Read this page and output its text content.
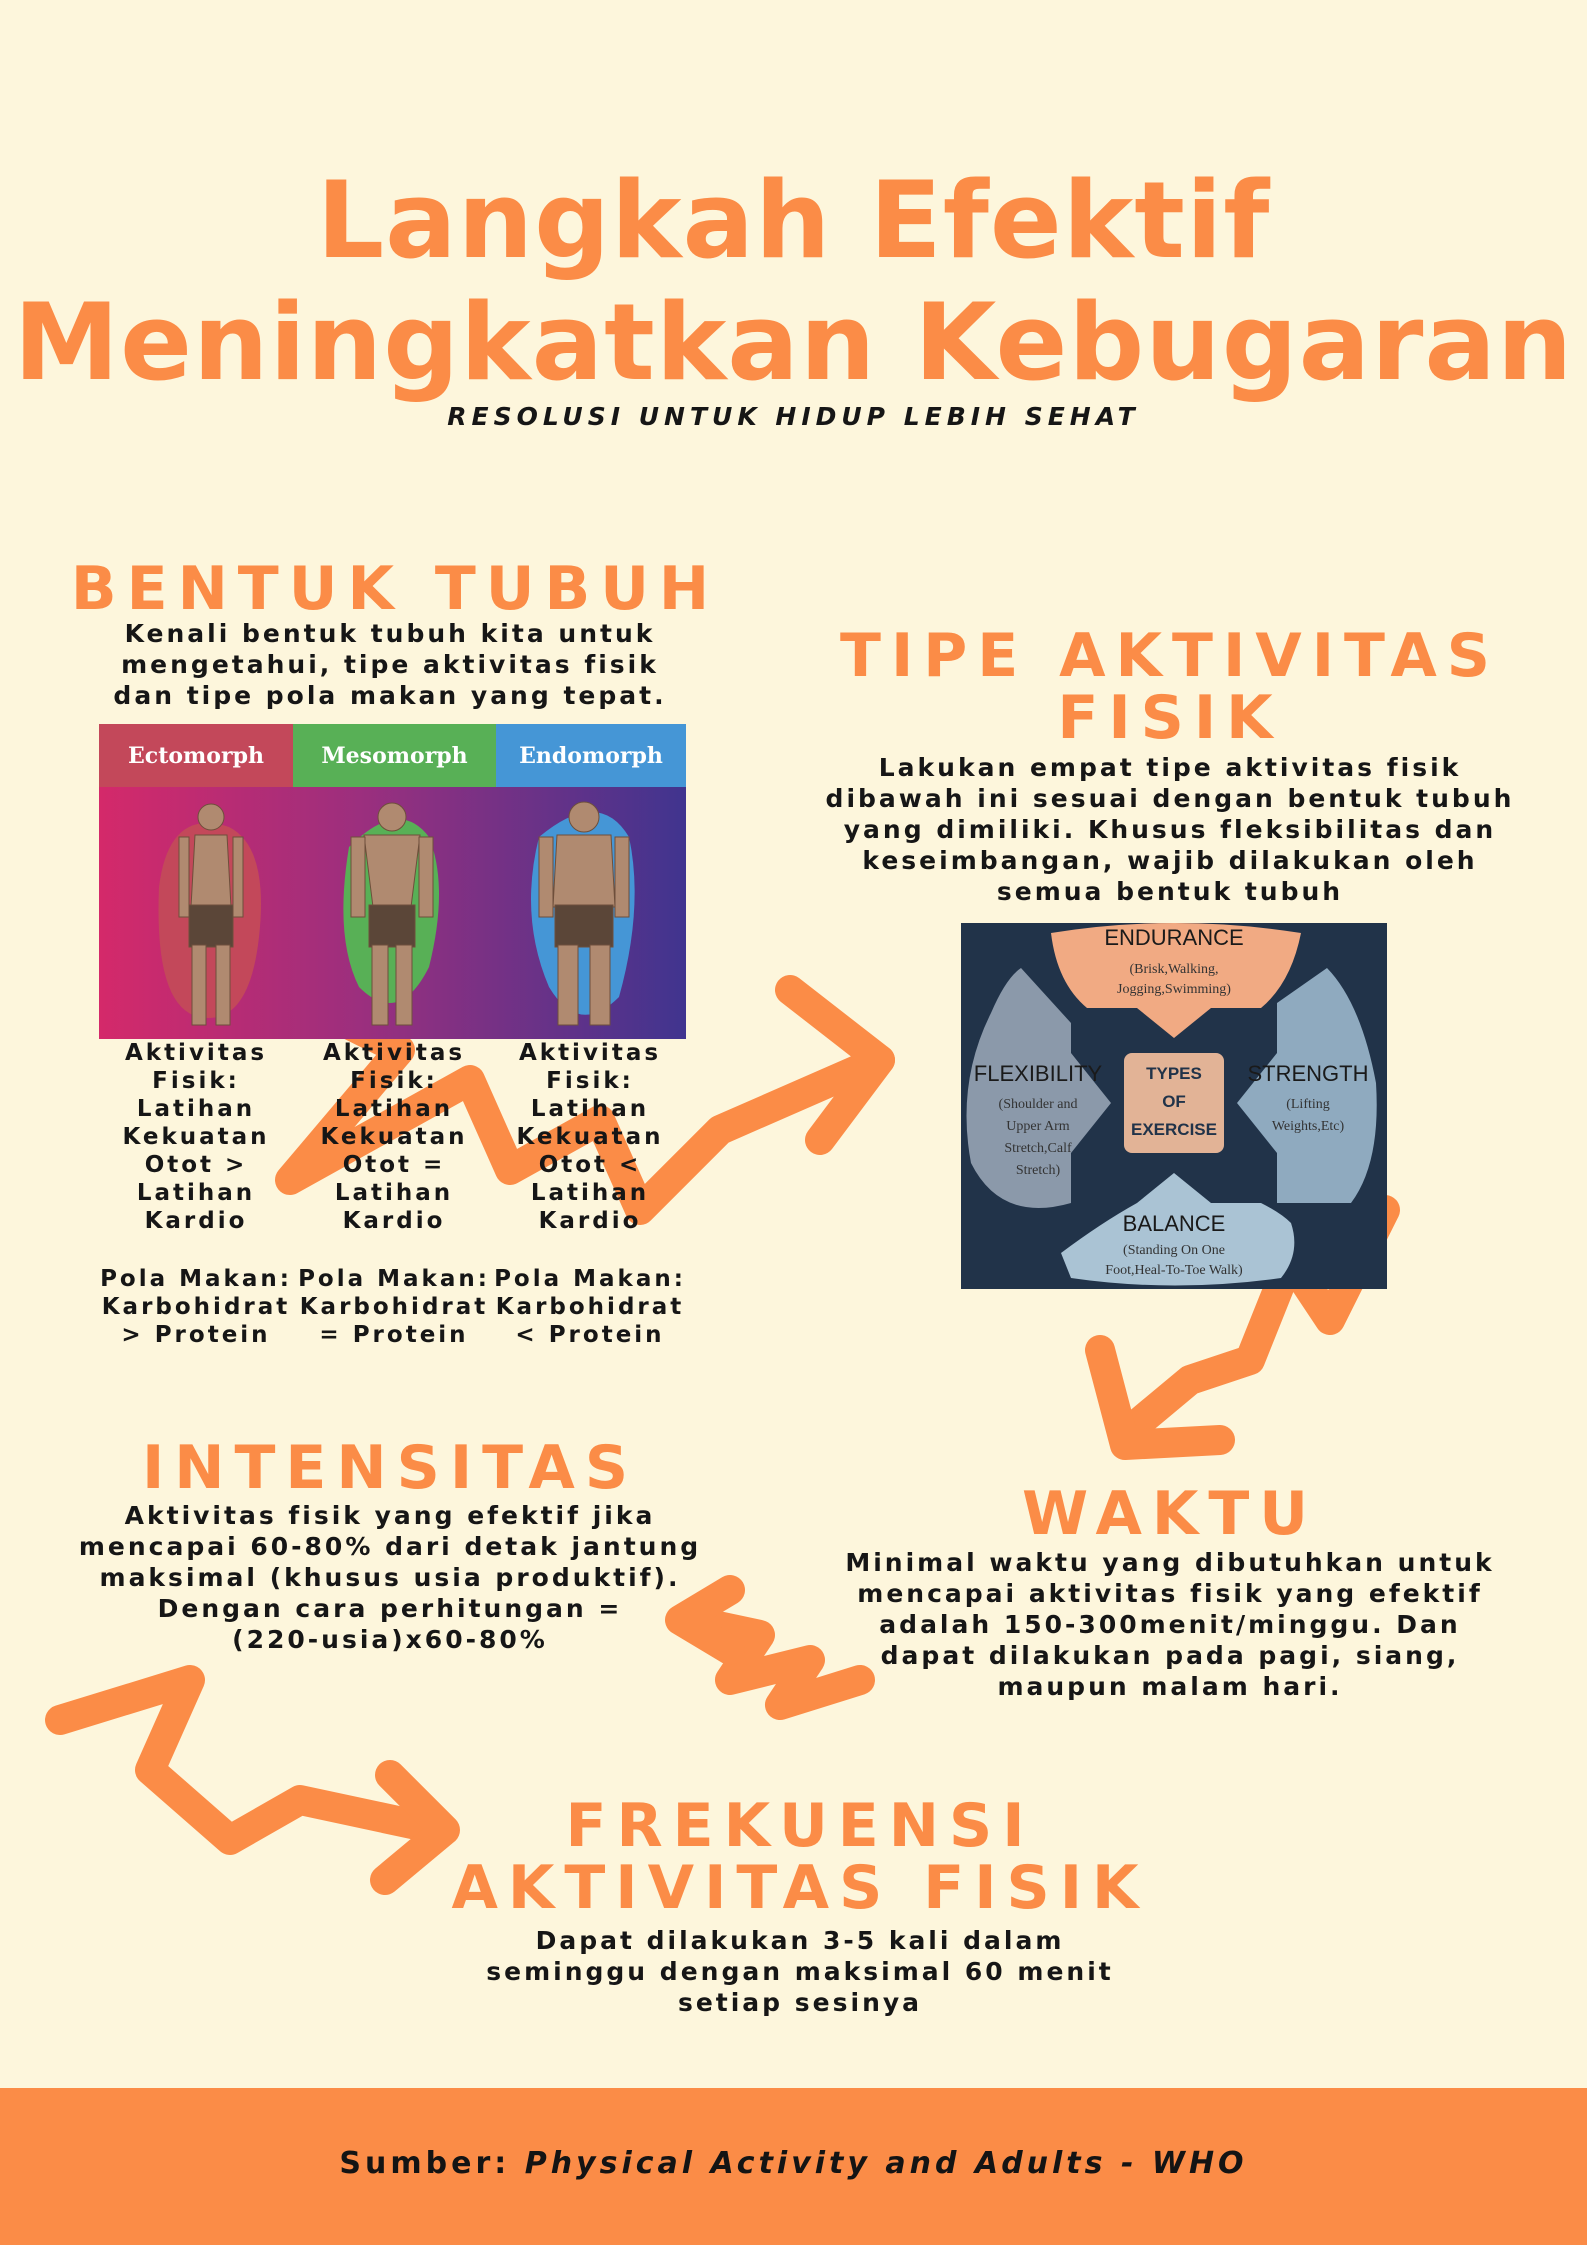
Langkah Efektif
Meningkatkan Kebugaran
RESOLUSI UNTUK HIDUP LEBIH SEHAT
BENTUK TUBUH
Kenali bentuk tubuh kita untuk mengetahui, tipe aktivitas fisik dan tipe pola makan yang tepat.
Ectomorph	Mesomorph	Endomorph
Aktivitas
Fisik:
Latihan
Kekuatan
Otot >
Latihan
Kardio
Pola Makan:
Karbohidrat
> Protein
Aktivitas
Fisik:
Latihan
Kekuatan
Otot =
Latihan
Kardio
Pola Makan:
Karbohidrat
= Protein
Aktivitas
Fisik:
Latihan
Kekuatan
Otot <
Latihan
Kardio
Pola Makan:
Karbohidrat
< Protein
TIPE AKTIVITAS
FISIK
Lakukan empat tipe aktivitas fisik
dibawah ini sesuai dengan bentuk tubuh
yang dimiliki. Khusus fleksibilitas dan
keseimbangan, wajib dilakukan oleh
semua bentuk tubuh
TYPES
OF
EXERCISE
ENDURANCE
(Brisk,Walking,
Jogging,Swimming)
FLEXIBILITY
(Shoulder and
Upper Arm
Stretch,Calf
Stretch)
STRENGTH
(Lifting
Weights,Etc)
BALANCE
(Standing On One
Foot,Heal-To-Toe Walk)
INTENSITAS
Aktivitas fisik yang efektif jika
mencapai 60-80% dari detak jantung
maksimal (khusus usia produktif).
Dengan cara perhitungan =
(220-usia)x60-80%
WAKTU
Minimal waktu yang dibutuhkan untuk
mencapai aktivitas fisik yang efektif
adalah 150-300menit/minggu. Dan
dapat dilakukan pada pagi, siang,
maupun malam hari.
FREKUENSI
AKTIVITAS FISIK
Dapat dilakukan 3-5 kali dalam
seminggu dengan maksimal 60 menit
setiap sesinya
Sumber: Physical Activity and Adults - WHO
